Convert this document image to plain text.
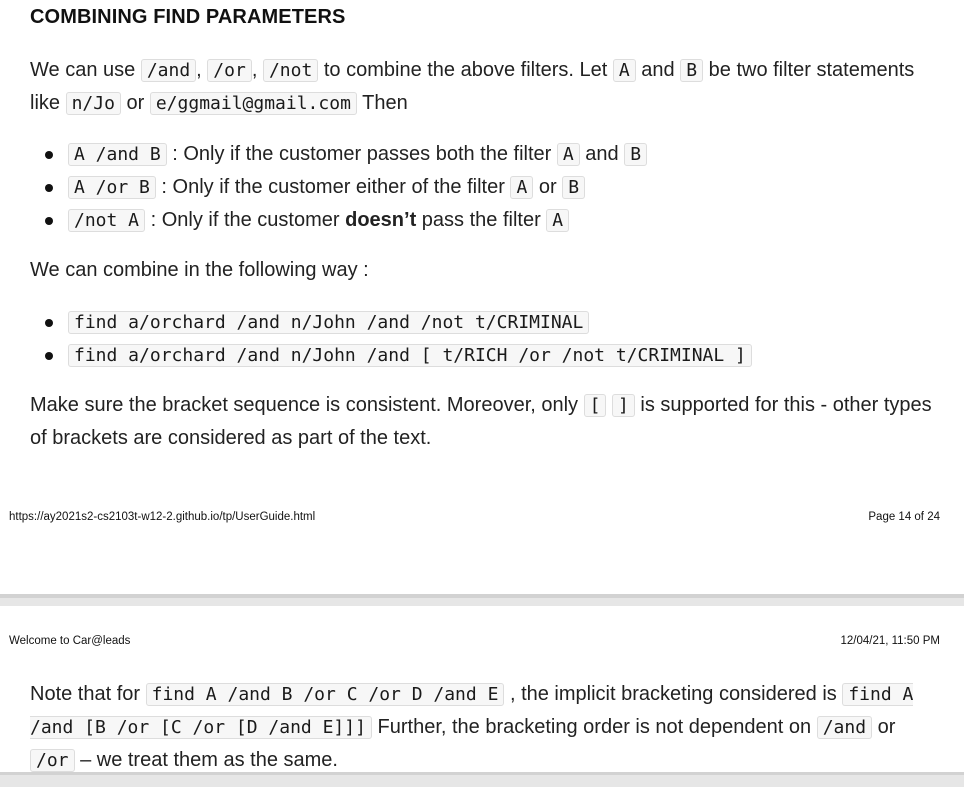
COMBINING FIND PARAMETERS

We can use /and , /or , /not to combine the above filters. Let A and B be two filter statements like n/Jo or e/ggmail@gmail.com Then

A /and B : Only if the customer passes both the filter A and B
A /or B : Only if the customer either of the filter A or B
/not A : Only if the customer doesn’t pass the filter A

We can combine in the following way :

find a/orchard /and n/John /and /not t/CRIMINAL
find a/orchard /and n/John /and [ t/RICH /or /not t/CRIMINAL ]

Make sure the bracket sequence is consistent. Moreover, only [ ] is supported for this - other types of brackets are considered as part of the text.

https://ay2021s2-cs2103t-w12-2.github.io/tp/UserGuide.html	Page 14 of 24

Welcome to Car@leads	12/04/21, 11:50 PM

Note that for find A /and B /or C /or D /and E , the implicit bracketing considered is find A /and [B /or [C /or [D /and E]]] Further, the bracketing order is not dependent on /and or /or – we treat them as the same.
